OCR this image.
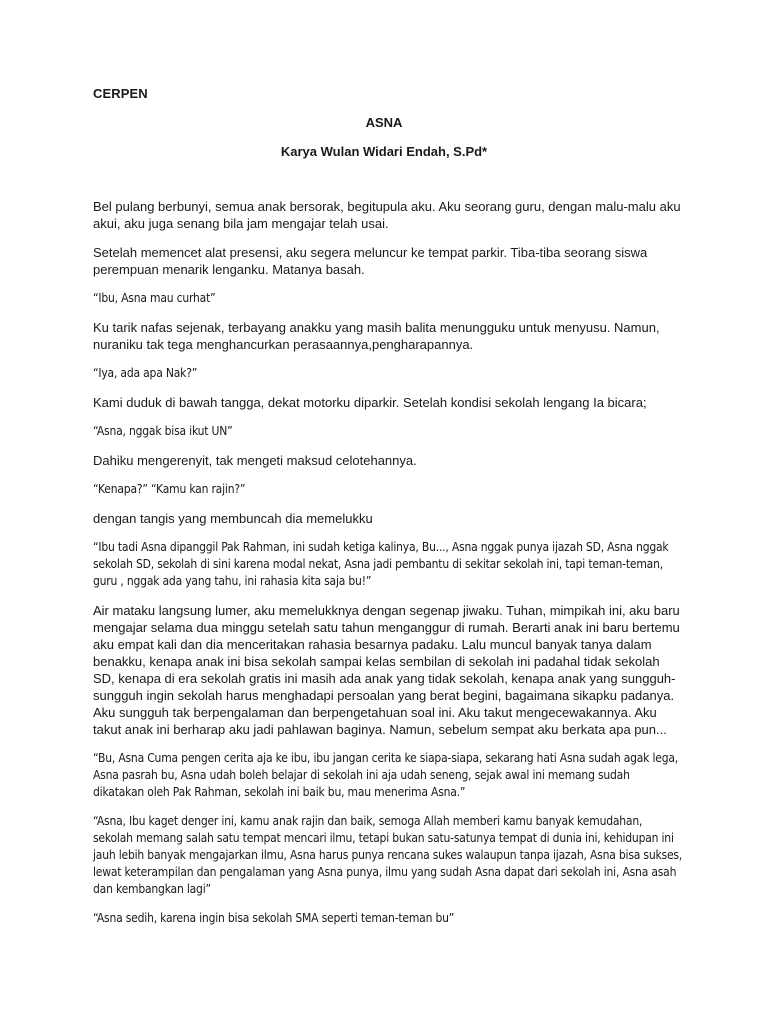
CERPEN
ASNA
Karya Wulan Widari Endah, S.Pd*

Bel pulang berbunyi, semua anak bersorak, begitupula aku. Aku seorang guru, dengan malu-malu aku akui, aku juga senang bila jam mengajar telah usai.

Setelah memencet alat presensi, aku segera meluncur ke tempat parkir. Tiba-tiba seorang siswa perempuan menarik lenganku. Matanya basah.

“Ibu, Asna mau curhat”

Ku tarik nafas sejenak, terbayang anakku yang masih balita menungguku untuk menyusu. Namun, nuraniku tak tega menghancurkan perasaannya,pengharapannya.

“Iya, ada apa Nak?”

Kami duduk di bawah tangga, dekat motorku diparkir. Setelah kondisi sekolah lengang Ia bicara;

“Asna, nggak bisa ikut UN”

Dahiku mengerenyit, tak mengeti maksud celotehannya.

“Kenapa?” “Kamu kan rajin?”

dengan tangis yang membuncah dia memelukku

“Ibu tadi Asna dipanggil Pak Rahman, ini sudah ketiga kalinya, Bu..., Asna nggak punya ijazah SD, Asna nggak sekolah SD, sekolah di sini karena modal nekat, Asna jadi pembantu di sekitar sekolah ini, tapi teman-teman, guru , nggak ada yang tahu, ini rahasia kita saja bu!”

Air mataku langsung lumer, aku memelukknya dengan segenap jiwaku. Tuhan, mimpikah ini, aku baru mengajar selama dua minggu setelah satu tahun menganggur di rumah. Berarti anak ini baru bertemu aku empat kali dan dia menceritakan rahasia besarnya padaku. Lalu muncul banyak tanya dalam benakku, kenapa anak ini bisa sekolah sampai kelas sembilan di sekolah ini padahal tidak sekolah SD, kenapa di era sekolah gratis ini masih ada anak yang tidak sekolah, kenapa anak yang sungguh-sungguh ingin sekolah harus menghadapi persoalan yang berat begini, bagaimana sikapku padanya. Aku sungguh tak berpengalaman dan berpengetahuan soal ini. Aku takut mengecewakannya. Aku takut anak ini berharap aku jadi pahlawan baginya. Namun, sebelum sempat aku berkata apa pun...

“Bu, Asna Cuma pengen cerita aja ke ibu, ibu jangan cerita ke siapa-siapa, sekarang hati Asna sudah agak lega, Asna pasrah bu, Asna udah boleh belajar di sekolah ini aja udah seneng, sejak awal ini memang sudah dikatakan oleh Pak Rahman, sekolah ini baik bu, mau menerima Asna.”

“Asna, Ibu kaget denger ini, kamu anak rajin dan baik, semoga Allah memberi kamu banyak kemudahan, sekolah memang salah satu tempat mencari ilmu, tetapi bukan satu-satunya tempat di dunia ini, kehidupan ini jauh lebih banyak mengajarkan ilmu, Asna harus punya rencana sukes walaupun tanpa ijazah, Asna bisa sukses, lewat keterampilan dan pengalaman yang Asna punya, ilmu yang sudah Asna dapat dari sekolah ini, Asna asah dan kembangkan lagi”

“Asna sedih, karena ingin bisa sekolah SMA seperti teman-teman bu”
